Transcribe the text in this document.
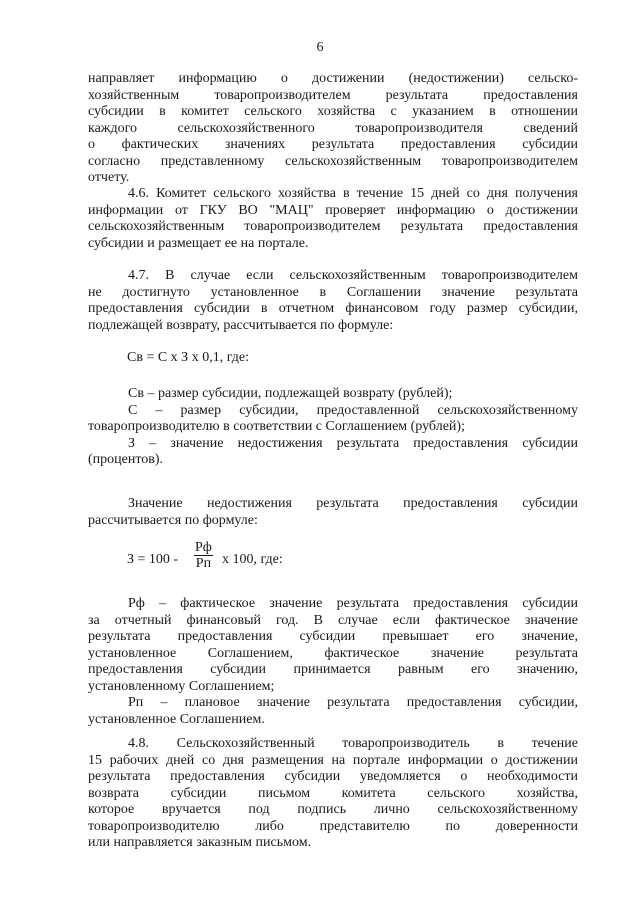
6
направляет информацию о достижении (недостижении) сельско-
хозяйственным товаропроизводителем результата предоставления
субсидии в комитет сельского хозяйства с указанием в отношении
каждого сельскохозяйственного товаропроизводителя сведений
о фактических значениях результата предоставления субсидии
согласно представленному сельскохозяйственным товаропроизводителем
отчету.
4.6. Комитет сельского хозяйства в течение 15 дней со дня получения
информации от ГКУ ВО "МАЦ" проверяет информацию о достижении
сельскохозяйственным товаропроизводителем результата предоставления
субсидии и размещает ее на портале.
4.7. В случае если сельскохозяйственным товаропроизводителем
не достигнуто установленное в Соглашении значение результата
предоставления субсидии в отчетном финансовом году размер субсидии,
подлежащей возврату, рассчитывается по формуле:
Св = С х З х 0,1, где:
Св – размер субсидии, подлежащей возврату (рублей);
С – размер субсидии, предоставленной сельскохозяйственному
товаропроизводителю в соответствии с Соглашением (рублей);
З – значение недостижения результата предоставления субсидии
(процентов).
Значение недостижения результата предоставления субсидии
рассчитывается по формуле:
З = 100 -
Рф
Рп x 100, где:
Рф – фактическое значение результата предоставления субсидии
за отчетный финансовый год. В случае если фактическое значение
результата предоставления субсидии превышает его значение,
установленное Соглашением, фактическое значение результата
предоставления субсидии принимается равным его значению,
установленному Соглашением;
Рп – плановое значение результата предоставления субсидии,
установленное Соглашением.
4.8. Сельскохозяйственный товаропроизводитель в течение
15 рабочих дней со дня размещения на портале информации о достижении
результата предоставления субсидии уведомляется о необходимости
возврата субсидии письмом комитета сельского хозяйства,
которое вручается под подпись лично сельскохозяйственному
товаропроизводителю либо представителю по доверенности
или направляется заказным письмом.
